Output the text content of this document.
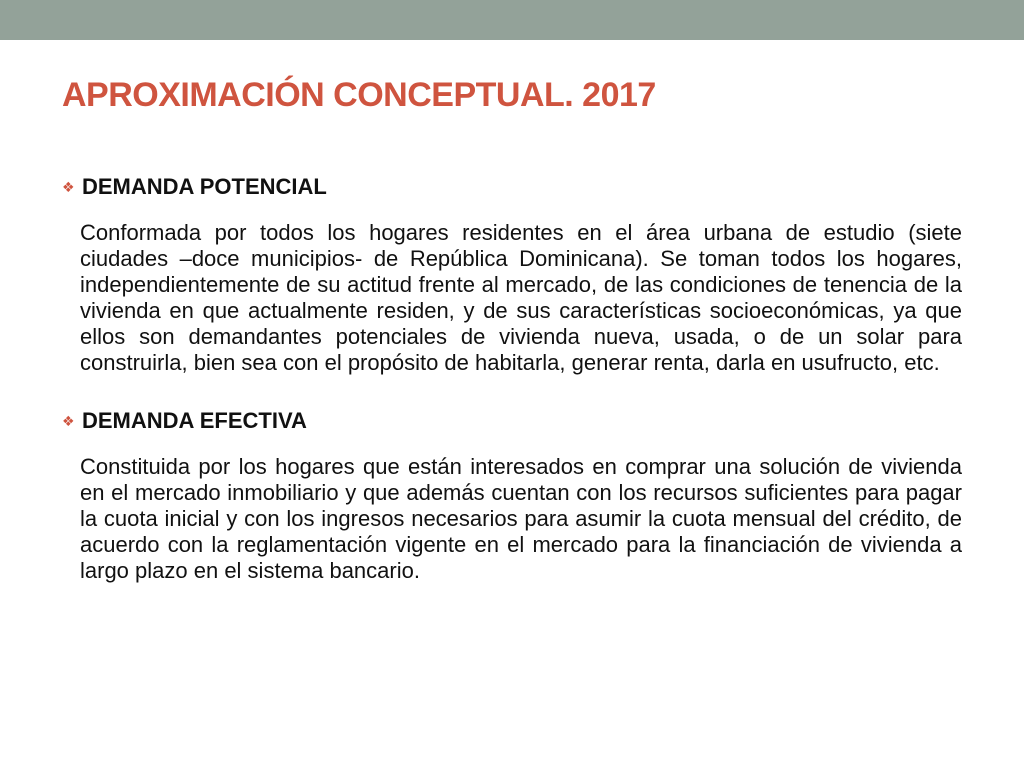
APROXIMACIÓN CONCEPTUAL. 2017
❖ DEMANDA POTENCIAL

Conformada por todos los hogares residentes en el área urbana de estudio (siete ciudades –doce municipios- de República Dominicana). Se toman todos los hogares, independientemente de su actitud frente al mercado, de las condiciones de tenencia de la vivienda en que actualmente residen, y de sus características socioeconómicas, ya que ellos son demandantes potenciales de vivienda nueva, usada, o de un solar para construirla, bien sea con el propósito de habitarla, generar renta, darla en usufructo, etc.

❖ DEMANDA EFECTIVA

Constituida por los hogares que están interesados en comprar una solución de vivienda en el mercado inmobiliario y que además cuentan con los recursos suficientes para pagar la cuota inicial y con los ingresos necesarios para asumir la cuota mensual del crédito, de acuerdo con la reglamentación vigente en el mercado para la financiación de vivienda a largo plazo en el sistema bancario.
